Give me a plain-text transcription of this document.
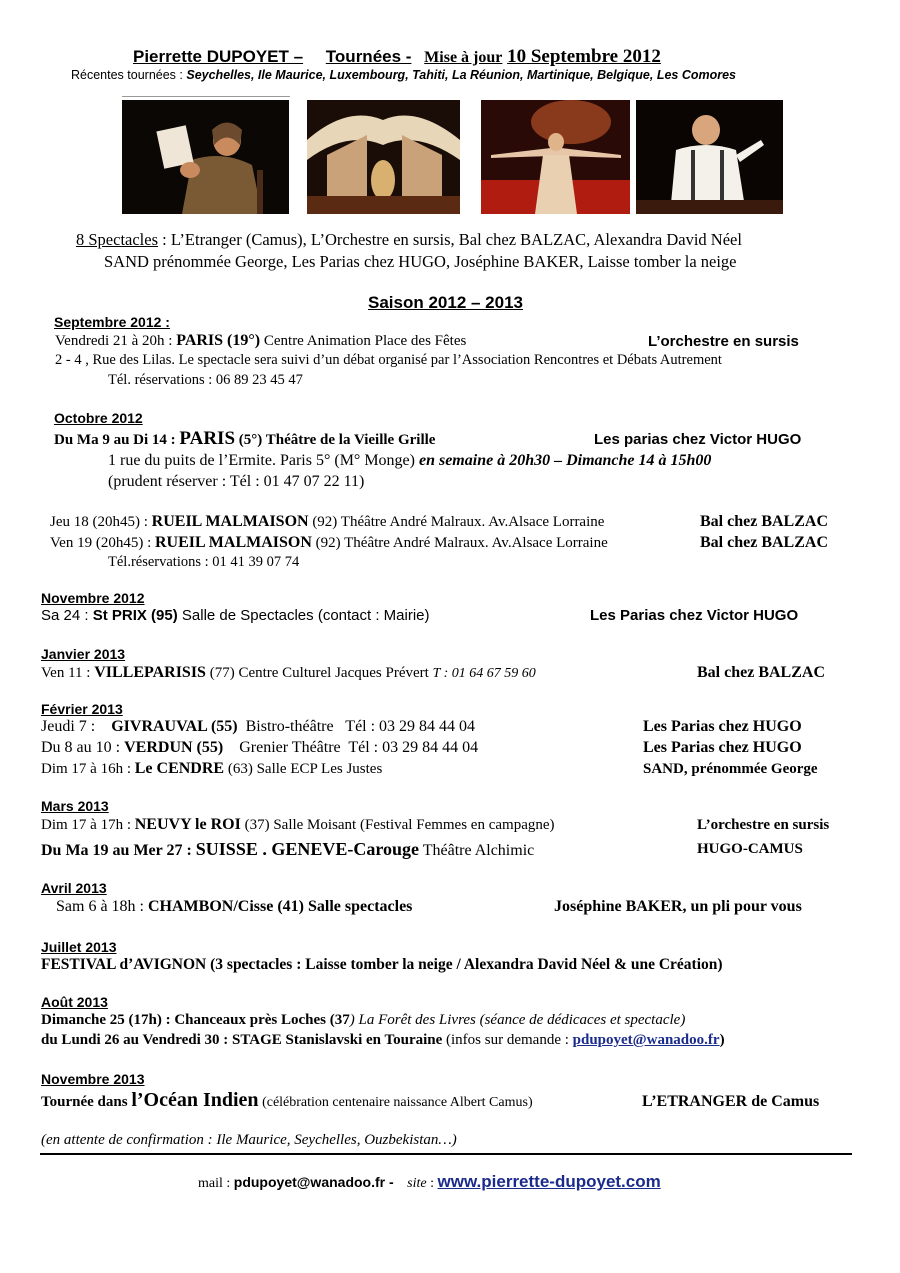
Pierrette DUPOYET – Tournées - Mise à jour 10 Septembre 2012
Récentes tournées : Seychelles, Ile Maurice, Luxembourg, Tahiti, La Réunion, Martinique, Belgique, Les Comores
8 Spectacles : L’Etranger (Camus), L’Orchestre en sursis, Bal chez BALZAC, Alexandra David Néel
SAND prénommée George, Les Parias chez HUGO, Joséphine BAKER, Laisse tomber la neige
Saison 2012 – 2013
Septembre 2012 :
Vendredi 21 à 20h : PARIS (19°) Centre Animation Place des Fêtes	L’orchestre en sursis
2 - 4 , Rue des Lilas. Le spectacle sera suivi d’un débat organisé par l’Association Rencontres et Débats Autrement
Tél. réservations : 06 89 23 45 47
Octobre 2012
Du Ma 9 au Di 14 : PARIS (5°) Théâtre de la Vieille Grille	Les parias chez Victor HUGO
1 rue du puits de l’Ermite. Paris 5° (M° Monge) en semaine à 20h30 – Dimanche 14 à 15h00
(prudent réserver : Tél : 01 47 07 22 11)
Jeu 18 (20h45) : RUEIL MALMAISON (92) Théâtre André Malraux. Av.Alsace Lorraine	Bal chez BALZAC
Ven 19 (20h45) : RUEIL MALMAISON (92) Théâtre André Malraux. Av.Alsace Lorraine	Bal chez BALZAC
Tél.réservations : 01 41 39 07 74
Novembre 2012
Sa 24 : St PRIX (95) Salle de Spectacles (contact : Mairie)	Les Parias chez Victor HUGO
Janvier 2013
Ven 11 : VILLEPARISIS (77) Centre Culturel Jacques Prévert T : 01 64 67 59 60	Bal chez BALZAC
Février 2013
Jeudi 7 :    GIVRAUVAL (55)  Bistro-théâtre   Tél : 03 29 84 44 04	Les Parias chez HUGO
Du 8 au 10 : VERDUN (55)    Grenier Théâtre  Tél : 03 29 84 44 04	Les Parias chez HUGO
Dim 17 à 16h : Le CENDRE (63) Salle ECP Les Justes	SAND, prénommée George
Mars 2013
Dim 17 à 17h : NEUVY le ROI (37) Salle Moisant (Festival Femmes en campagne)	L’orchestre en sursis
Du Ma 19 au Mer 27 : SUISSE . GENEVE-Carouge Théâtre Alchimic	HUGO-CAMUS
Avril 2013
Sam 6 à 18h : CHAMBON/Cisse (41) Salle spectacles	Joséphine BAKER, un pli pour vous
Juillet 2013
FESTIVAL d’AVIGNON (3 spectacles : Laisse tomber la neige / Alexandra David Néel & une Création)
Août 2013
Dimanche 25 (17h) : Chanceaux près Loches (37) La Forêt des Livres (séance de dédicaces et spectacle)
du Lundi 26 au Vendredi 30 : STAGE Stanislavski en Touraine (infos sur demande : pdupoyet@wanadoo.fr)
Novembre 2013
Tournée dans l’Océan Indien (célébration centenaire naissance Albert Camus)	L’ETRANGER de Camus
(en attente de confirmation : Ile Maurice, Seychelles, Ouzbekistan…)
mail : pdupoyet@wanadoo.fr - site : www.pierrette-dupoyet.com
